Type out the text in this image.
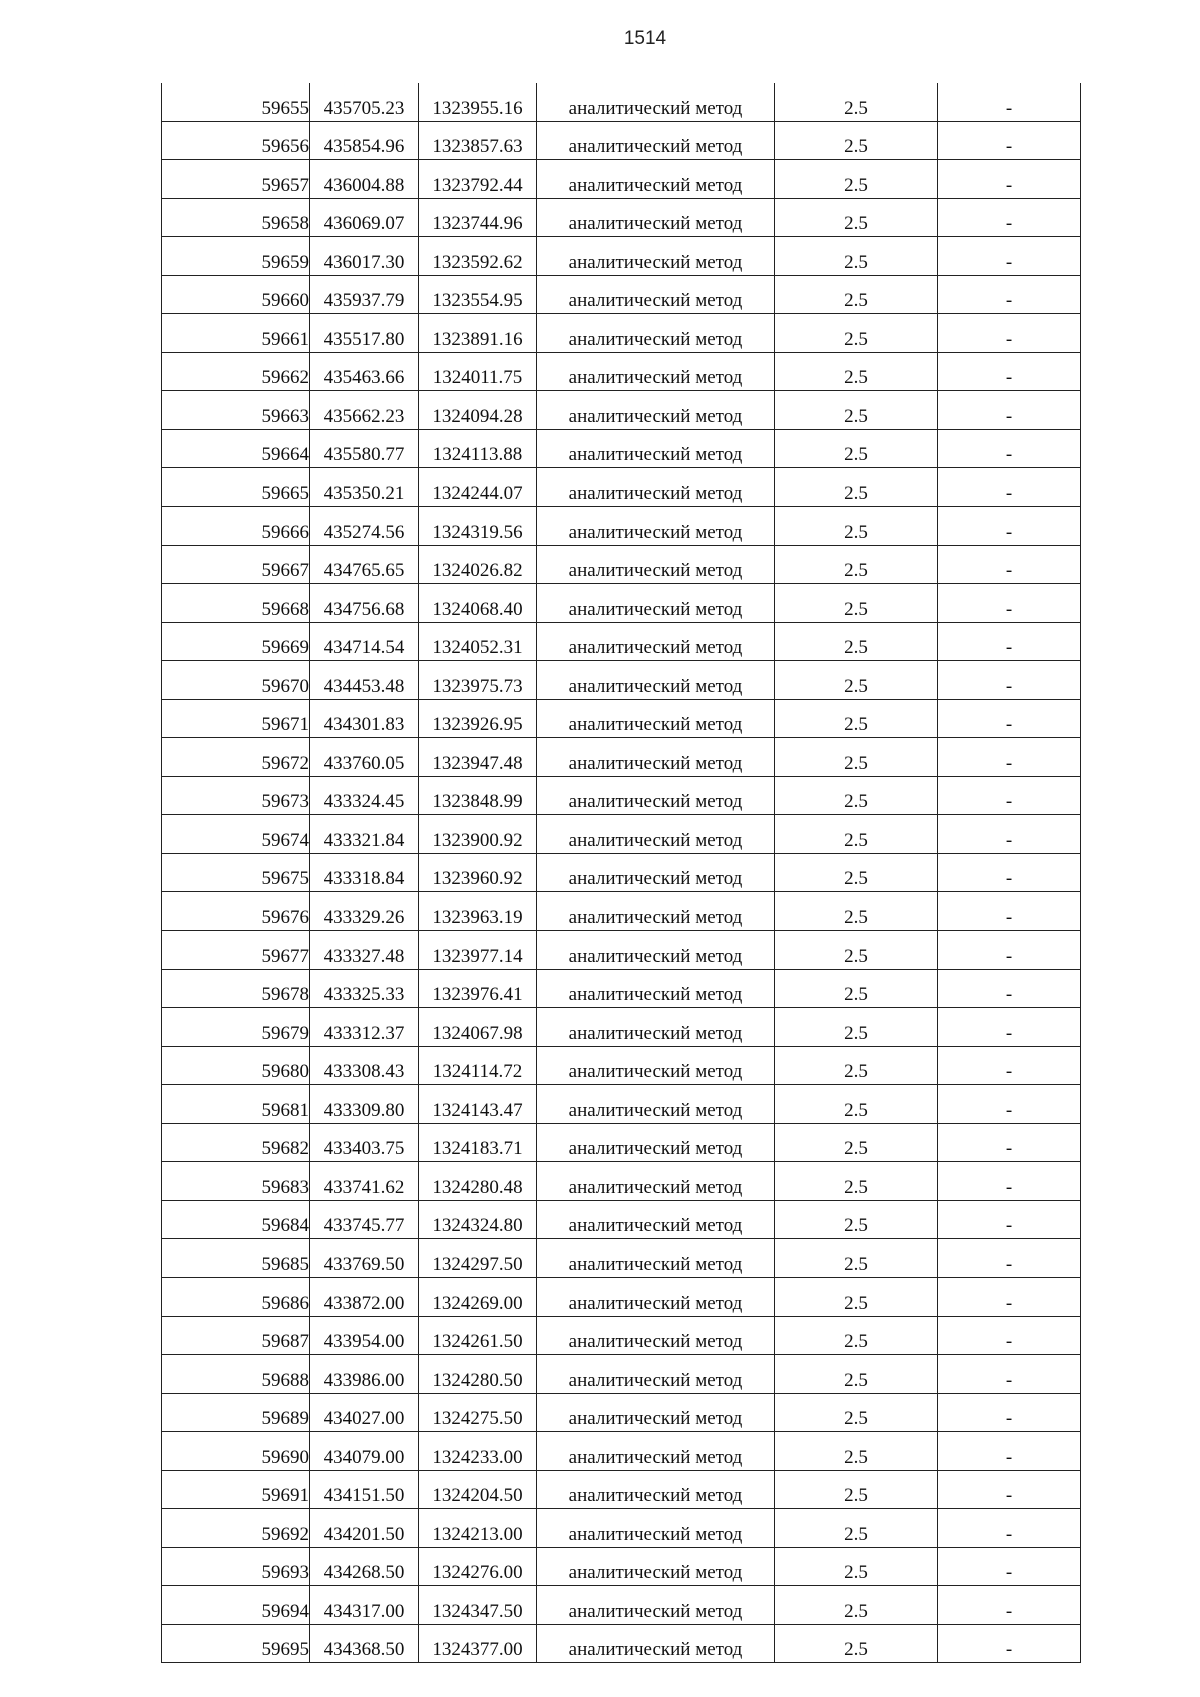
1514
59655	435705.23	1323955.16	аналитический метод	2.5	-
59656	435854.96	1323857.63	аналитический метод	2.5	-
59657	436004.88	1323792.44	аналитический метод	2.5	-
59658	436069.07	1323744.96	аналитический метод	2.5	-
59659	436017.30	1323592.62	аналитический метод	2.5	-
59660	435937.79	1323554.95	аналитический метод	2.5	-
59661	435517.80	1323891.16	аналитический метод	2.5	-
59662	435463.66	1324011.75	аналитический метод	2.5	-
59663	435662.23	1324094.28	аналитический метод	2.5	-
59664	435580.77	1324113.88	аналитический метод	2.5	-
59665	435350.21	1324244.07	аналитический метод	2.5	-
59666	435274.56	1324319.56	аналитический метод	2.5	-
59667	434765.65	1324026.82	аналитический метод	2.5	-
59668	434756.68	1324068.40	аналитический метод	2.5	-
59669	434714.54	1324052.31	аналитический метод	2.5	-
59670	434453.48	1323975.73	аналитический метод	2.5	-
59671	434301.83	1323926.95	аналитический метод	2.5	-
59672	433760.05	1323947.48	аналитический метод	2.5	-
59673	433324.45	1323848.99	аналитический метод	2.5	-
59674	433321.84	1323900.92	аналитический метод	2.5	-
59675	433318.84	1323960.92	аналитический метод	2.5	-
59676	433329.26	1323963.19	аналитический метод	2.5	-
59677	433327.48	1323977.14	аналитический метод	2.5	-
59678	433325.33	1323976.41	аналитический метод	2.5	-
59679	433312.37	1324067.98	аналитический метод	2.5	-
59680	433308.43	1324114.72	аналитический метод	2.5	-
59681	433309.80	1324143.47	аналитический метод	2.5	-
59682	433403.75	1324183.71	аналитический метод	2.5	-
59683	433741.62	1324280.48	аналитический метод	2.5	-
59684	433745.77	1324324.80	аналитический метод	2.5	-
59685	433769.50	1324297.50	аналитический метод	2.5	-
59686	433872.00	1324269.00	аналитический метод	2.5	-
59687	433954.00	1324261.50	аналитический метод	2.5	-
59688	433986.00	1324280.50	аналитический метод	2.5	-
59689	434027.00	1324275.50	аналитический метод	2.5	-
59690	434079.00	1324233.00	аналитический метод	2.5	-
59691	434151.50	1324204.50	аналитический метод	2.5	-
59692	434201.50	1324213.00	аналитический метод	2.5	-
59693	434268.50	1324276.00	аналитический метод	2.5	-
59694	434317.00	1324347.50	аналитический метод	2.5	-
59695	434368.50	1324377.00	аналитический метод	2.5	-
